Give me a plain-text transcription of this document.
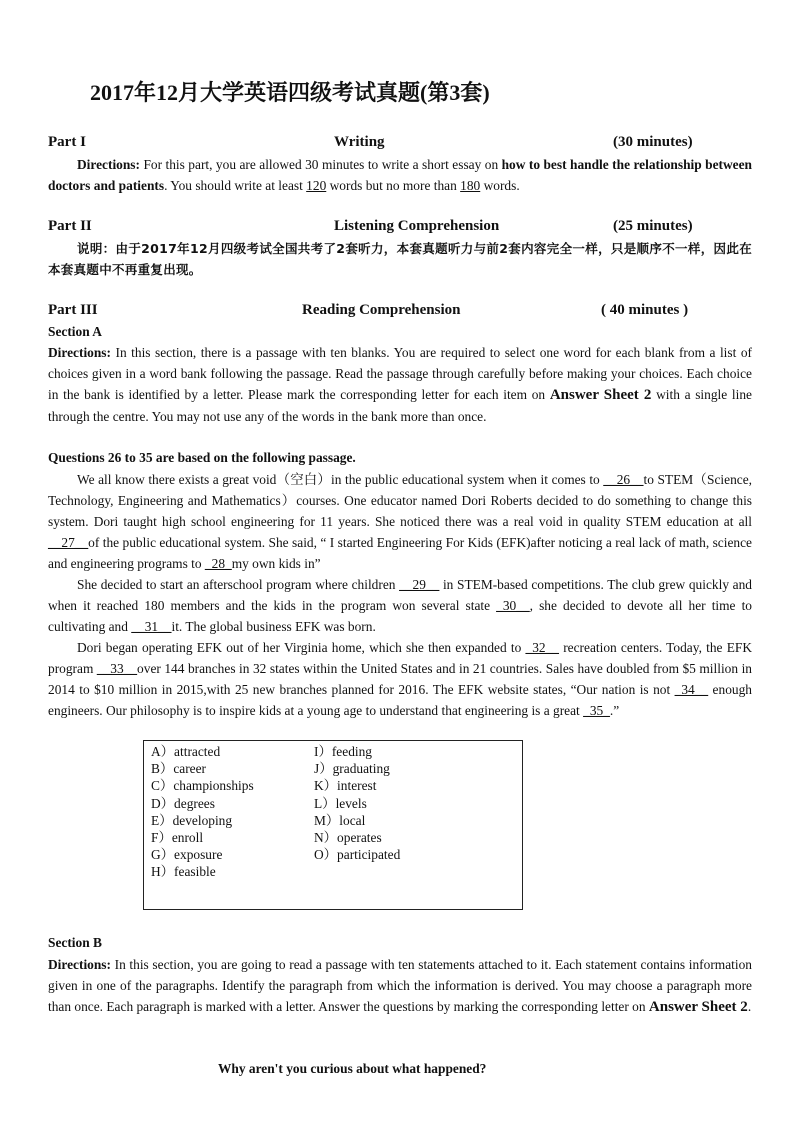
2017年12月大学英语四级考试真题(第3套)
Part I	Writing	(30 minutes)

Directions: For this part, you are allowed 30 minutes to write a short essay on how to best handle the relationship between doctors and patients. You should write at least 120 words but no more than 180 words.

Part II	Listening Comprehension	(25 minutes)

说明：由于2017年12月四级考试全国共考了2套听力，本套真题听力与前2套内容完全一样，只是顺序不一样，因此在本套真题中不再重复出现。

Part III	Reading Comprehension	( 40 minutes )
Section A

Directions: In this section, there is a passage with ten blanks. You are required to select one word for each blank from a list of choices given in a word bank following the passage. Read the passage through carefully before making your choices. Each choice in the bank is identified by a letter. Please mark the corresponding letter for each item on Answer Sheet 2 with a single line through the centre. You may not use any of the words in the bank more than once.

Questions 26 to 35 are based on the following passage.

We all know there exists a great void（空白）in the public educational system when it comes to __26__to STEM（Science, Technology, Engineering and Mathematics）courses. One educator named Dori Roberts decided to do something to change this system. Dori taught high school engineering for 11 years. She noticed there was a real void in quality STEM education at all __27__of the public educational system. She said, “ I started Engineering For Kids (EFK)after noticing a real lack of math, science and engineering programs to _28_my own kids in”

She decided to start an afterschool program where children __29__ in STEM-based competitions. The club grew quickly and when it reached 180 members and the kids in the program won several state _30__, she decided to devote all her time to cultivating and __31__it. The global business EFK was born.

Dori began operating EFK out of her Virginia home, which she then expanded to _32__ recreation centers. Today, the EFK program __33__over 144 branches in 32 states within the United States and in 21 countries. Sales have doubled from $5 million in 2014 to $10 million in 2015,with 25 new branches planned for 2016. The EFK website states, “Our nation is not _34__ enough engineers. Our philosophy is to inspire kids at a young age to understand that engineering is a great _35_.”

A）attracted
B）career
C）championships
D）degrees
E）developing
F）enroll
G）exposure
H）feasible
I）feeding
J）graduating
K）interest
L）levels
M）local
N）operates
O）participated
Section B

Directions: In this section, you are going to read a passage with ten statements attached to it. Each statement contains information given in one of the paragraphs. Identify the paragraph from which the information is derived. You may choose a paragraph more than once. Each paragraph is marked with a letter. Answer the questions by marking the corresponding letter on Answer Sheet 2.

Why aren't you curious about what happened?
